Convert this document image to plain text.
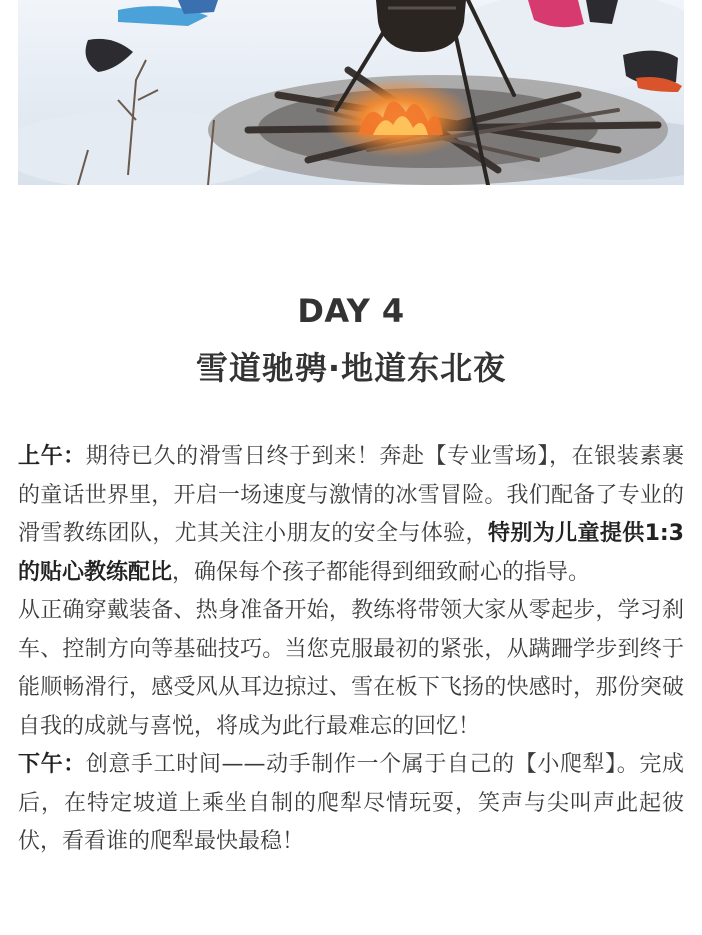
DAY 4
雪道驰骋·地道东北夜

上午：期待已久的滑雪日终于到来！奔赴【专业雪场】，在银装素裹的童话世界里，开启一场速度与激情的冰雪冒险。我们配备了专业的滑雪教练团队，尤其关注小朋友的安全与体验，特别为儿童提供1:3的贴心教练配比，确保每个孩子都能得到细致耐心的指导。

从正确穿戴装备、热身准备开始，教练将带领大家从零起步，学习刹车、控制方向等基础技巧。当您克服最初的紧张，从蹒跚学步到终于能顺畅滑行，感受风从耳边掠过、雪在板下飞扬的快感时，那份突破自我的成就与喜悦，将成为此行最难忘的回忆！

下午：创意手工时间——动手制作一个属于自己的【小爬犁】。完成后，在特定坡道上乘坐自制的爬犁尽情玩耍，笑声与尖叫声此起彼伏，看看谁的爬犁最快最稳！
